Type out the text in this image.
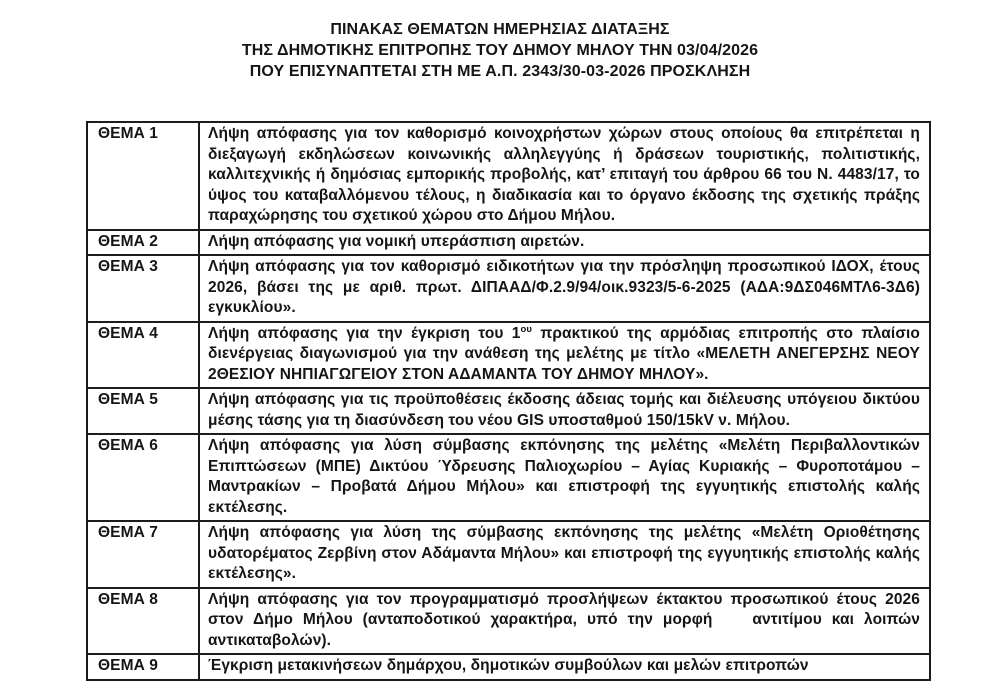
ΠΙΝΑΚΑΣ ΘΕΜΑΤΩΝ ΗΜΕΡΗΣΙΑΣ ΔΙΑΤΑΞΗΣ
ΤΗΣ ΔΗΜΟΤΙΚΗΣ ΕΠΙΤΡΟΠΗΣ ΤΟΥ ΔΗΜΟΥ ΜΗΛΟΥ ΤΗΝ 03/04/2026
ΠΟΥ ΕΠΙΣΥΝΑΠΤΕΤΑΙ ΣΤΗ ΜΕ Α.Π. 2343/30-03-2026 ΠΡΟΣΚΛΗΣΗ
ΘΕΜΑ 1	Λήψη απόφασης για τον καθορισμό κοινοχρήστων χώρων στους οποίους θα επιτρέπεται η διεξαγωγή εκδηλώσεων κοινωνικής αλληλεγγύης ή δράσεων τουριστικής, πολιτιστικής, καλλιτεχνικής ή δημόσιας εμπορικής προβολής, κατ’ επιταγή του άρθρου 66 του Ν. 4483/17, το ύψος του καταβαλλόμενου τέλους, η διαδικασία και το όργανο έκδοσης της σχετικής πράξης παραχώρησης του σχετικού χώρου στο Δήμου Μήλου.
ΘΕΜΑ 2	Λήψη απόφασης για νομική υπεράσπιση αιρετών.
ΘΕΜΑ 3	Λήψη απόφασης για τον καθορισμό ειδικοτήτων για την πρόσληψη προσωπικού ΙΔΟΧ, έτους 2026, βάσει της με αριθ. πρωτ. ΔΙΠΑΑΔ/Φ.2.9/94/οικ.9323/5-6-2025 (ΑΔΑ:9ΔΣ046ΜΤΛ6-3Δ6) εγκυκλίου».
ΘΕΜΑ 4	Λήψη απόφασης για την έγκριση του $1^{o\upsilon}$ πρακτικού της αρμόδιας επιτροπής στο πλαίσιο διενέργειας διαγωνισμού για την ανάθεση της μελέτης με τίτλο «ΜΕΛΕΤΗ ΑΝΕΓΕΡΣΗΣ ΝΕΟΥ 2ΘΕΣΙΟΥ ΝΗΠΙΑΓΩΓΕΙΟΥ ΣΤΟΝ ΑΔΑΜΑΝΤΑ ΤΟΥ ΔΗΜΟΥ ΜΗΛΟΥ».
ΘΕΜΑ 5	Λήψη απόφασης για τις προϋποθέσεις έκδοσης άδειας τομής και διέλευσης υπόγειου δικτύου μέσης τάσης για τη διασύνδεση του νέου GIS υποσταθμού 150/15kV ν. Μήλου.
ΘΕΜΑ 6	Λήψη απόφασης για λύση σύμβασης εκπόνησης της μελέτης «Μελέτη Περιβαλλοντικών Επιπτώσεων (ΜΠΕ) Δικτύου Ύδρευσης Παλιοχωρίου – Αγίας Κυριακής – Φυροποτάμου – Μαντρακίων – Προβατά Δήμου Μήλου» και επιστροφή της εγγυητικής επιστολής καλής εκτέλεσης.
ΘΕΜΑ 7	Λήψη απόφασης για λύση της σύμβασης εκπόνησης της μελέτης «Μελέτη Οριοθέτησης υδατορέματος Ζερβίνη στον Αδάμαντα Μήλου» και επιστροφή της εγγυητικής επιστολής καλής εκτέλεσης».
ΘΕΜΑ 8	Λήψη απόφασης για τον προγραμματισμό προσλήψεων έκτακτου προσωπικού έτους 2026 στον Δήμο Μήλου (ανταποδοτικού χαρακτήρα, υπό την μορφή    αντιτίμου και λοιπών αντικαταβολών).
ΘΕΜΑ 9	Έγκριση μετακινήσεων δημάρχου, δημοτικών συμβούλων και μελών επιτροπών
